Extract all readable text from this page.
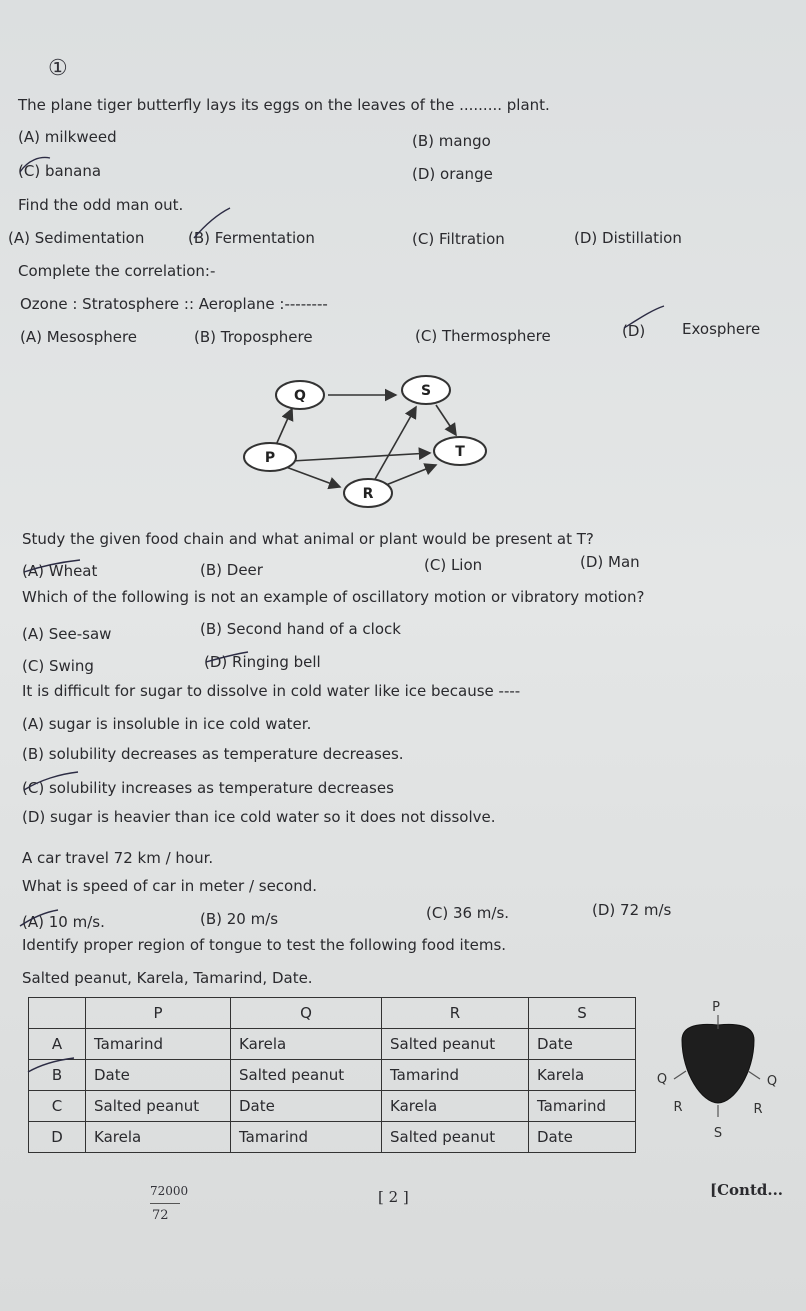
①
The plane tiger butterfly lays its eggs on the leaves of the ......... plant.
(A) milkweed	(B) mango
(C) banana	(D) orange
Find the odd man out.
(A) Sedimentation	(B) Fermentation	(C) Filtration	(D) Distillation
Complete the correlation:-
Ozone : Stratosphere :: Aeroplane :--------
(A) Mesosphere	(B) Troposphere	(C) Thermosphere	(D) Exosphere
Q	S
P	T
R
Study the given food chain and what animal or plant would be present at T?
(A) Wheat	(B) Deer	(C) Lion	(D) Man
Which of the following is not an example of oscillatory motion or vibratory motion?
(A) See-saw	(B) Second hand of a clock
(C) Swing	(D) Ringing bell
It is difficult for sugar to dissolve in cold water like ice because ----
(A) sugar is insoluble in ice cold water.
(B) solubility decreases as temperature decreases.
(C) solubility increases as temperature decreases
(D) sugar is heavier than ice cold water so it does not dissolve.
A car travel 72 km / hour.
What is speed of car in meter / second.
(A) 10 m/s.	(B) 20 m/s	(C) 36 m/s.	(D) 72 m/s
Identify proper region of tongue to test the following food items.
Salted peanut, Karela, Tamarind, Date.
	P	Q	R	S
A	Tamarind	Karela	Salted peanut	Date
B	Date	Salted peanut	Tamarind	Karela
C	Salted peanut	Date	Karela	Tamarind
D	Karela	Tamarind	Salted peanut	Date
P
Q	Q
R	R
S
72000
72
[ 2 ]	[Contd...
